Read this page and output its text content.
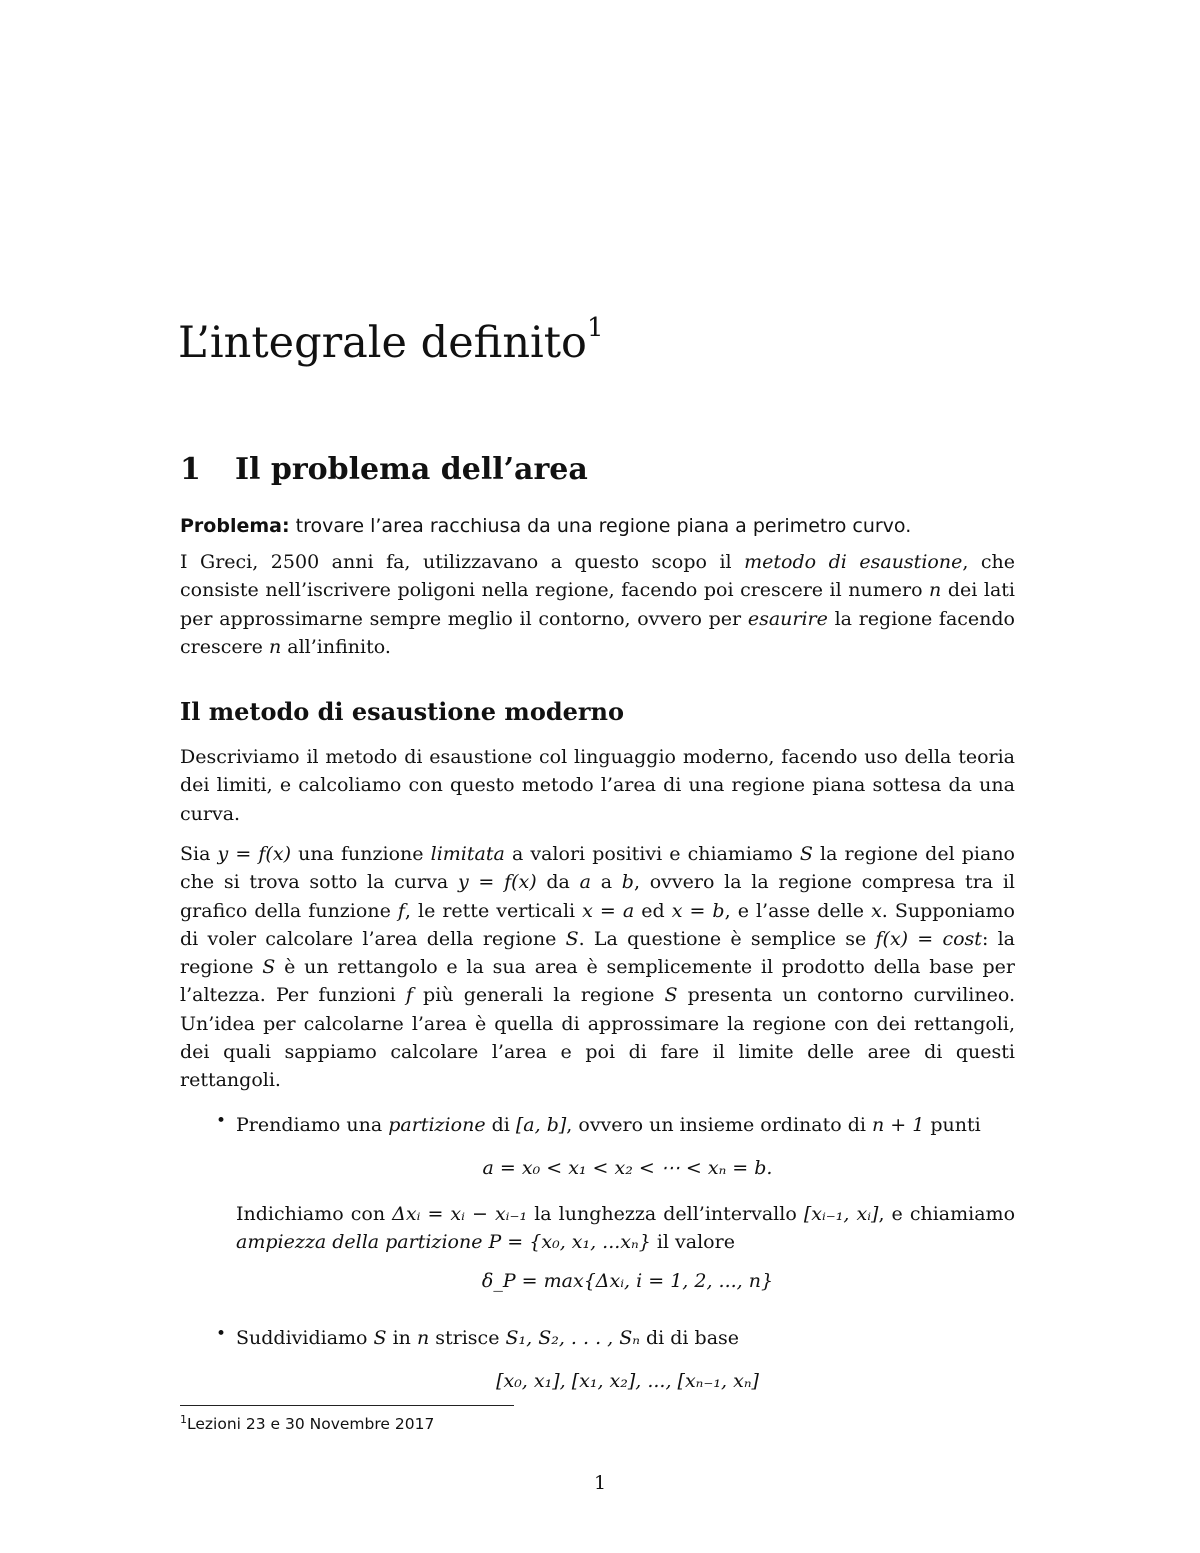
L’integrale definito$^1$
1 Il problema dell’area

Problema: trovare l’area racchiusa da una regione piana a perimetro curvo.

I Greci, 2500 anni fa, utilizzavano a questo scopo il metodo di esaustione, che consiste nell’iscrivere poligoni nella regione, facendo poi crescere il numero n dei lati per approssimarne sempre meglio il contorno, ovvero per esaurire la regione facendo crescere n all’infinito.

Il metodo di esaustione moderno

Descriviamo il metodo di esaustione col linguaggio moderno, facendo uso della teoria dei limiti, e calcoliamo con questo metodo l’area di una regione piana sottesa da una curva.

Sia y = f(x) una funzione limitata a valori positivi e chiamiamo S la regione del piano che si trova sotto la curva y = f(x) da a a b, ovvero la la regione compresa tra il grafico della funzione f, le rette verticali x = a ed x = b, e l’asse delle x. Supponiamo di voler calcolare l’area della regione S. La questione è semplice se f(x) = cost: la regione S è un rettangolo e la sua area è semplicemente il prodotto della base per l’altezza. Per funzioni f più generali la regione S presenta un contorno curvilineo. Un’idea per calcolarne l’area è quella di approssimare la regione con dei rettangoli, dei quali sappiamo calcolare l’area e poi di fare il limite delle aree di questi rettangoli.

• Prendiamo una partizione di [a, b], ovvero un insieme ordinato di n + 1 punti

a = x₀ < x₁ < x₂ < ⋯ < xₙ = b.

Indichiamo con Δxᵢ = xᵢ − xᵢ₋₁ la lunghezza dell’intervallo [xᵢ₋₁, xᵢ], e chiamiamo ampiezza della partizione P = {x₀, x₁, ...xₙ} il valore

δ_P = max{Δxᵢ, i = 1, 2, ..., n}
• Suddividiamo S in n strisce S₁, S₂, . . . , Sₙ di di base

[x₀, x₁], [x₁, x₂], ..., [xₙ₋₁, xₙ]
$^1$Lezioni 23 e 30 Novembre 2017
1
